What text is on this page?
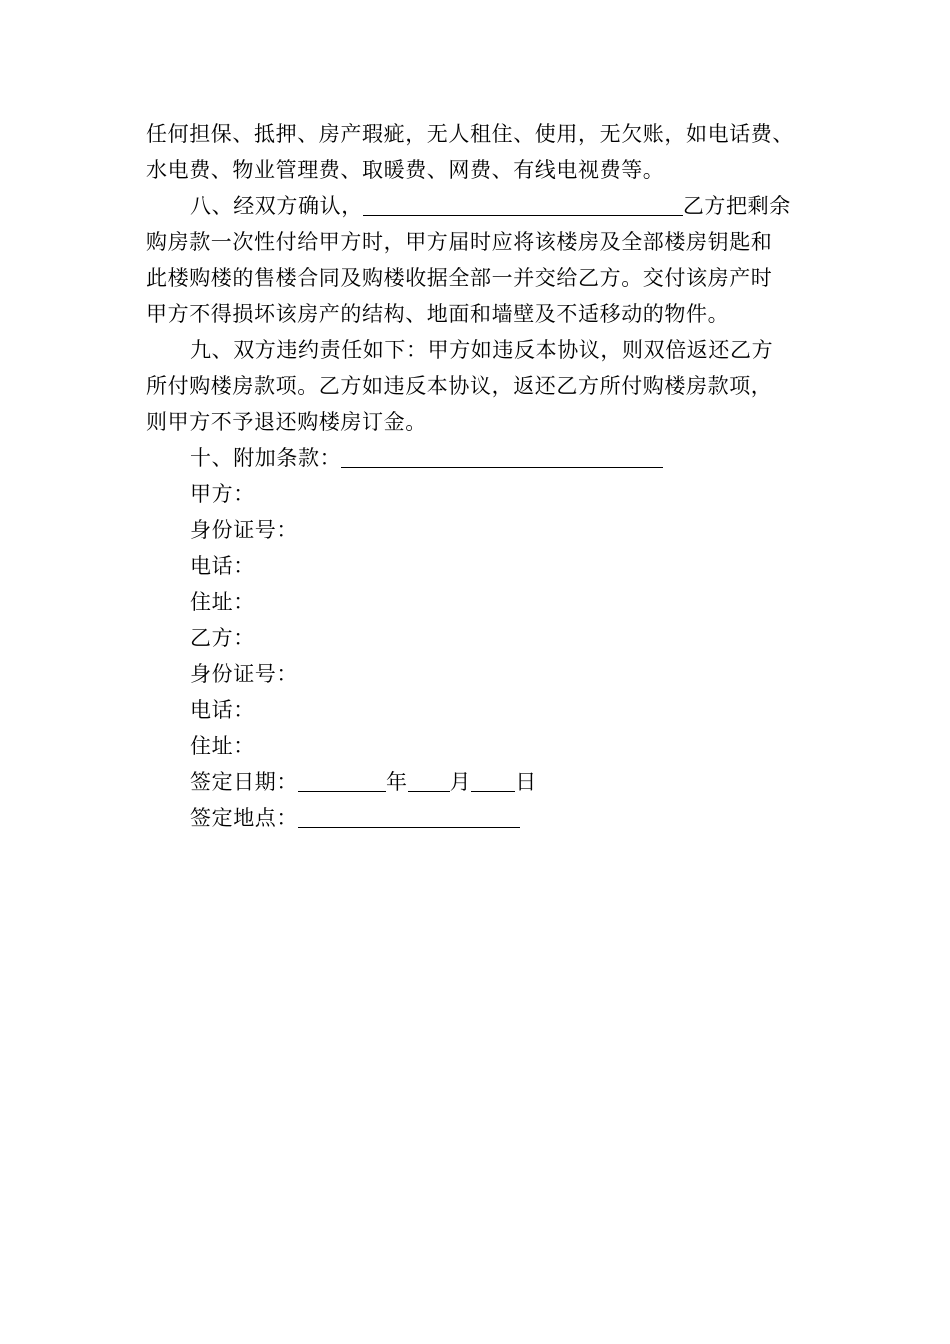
任何担保、抵押、房产瑕疵，无人租住、使用，无欠账，如电话费、
水电费、物业管理费、取暖费、网费、有线电视费等。
八、经双方确认，	乙方把剩余
购房款一次性付给甲方时，甲方届时应将该楼房及全部楼房钥匙和
此楼购楼的售楼合同及购楼收据全部一并交给乙方。交付该房产时
甲方不得损坏该房产的结构、地面和墙壁及不适移动的物件。
九、双方违约责任如下：甲方如违反本协议，则双倍返还乙方
所付购楼房款项。乙方如违反本协议，返还乙方所付购楼房款项，
则甲方不予退还购楼房订金。
十、附加条款：
甲方：
身份证号：
电话：
住址：
乙方：
身份证号：
电话：
住址：
签定日期：	年 月 日
签定地点：
